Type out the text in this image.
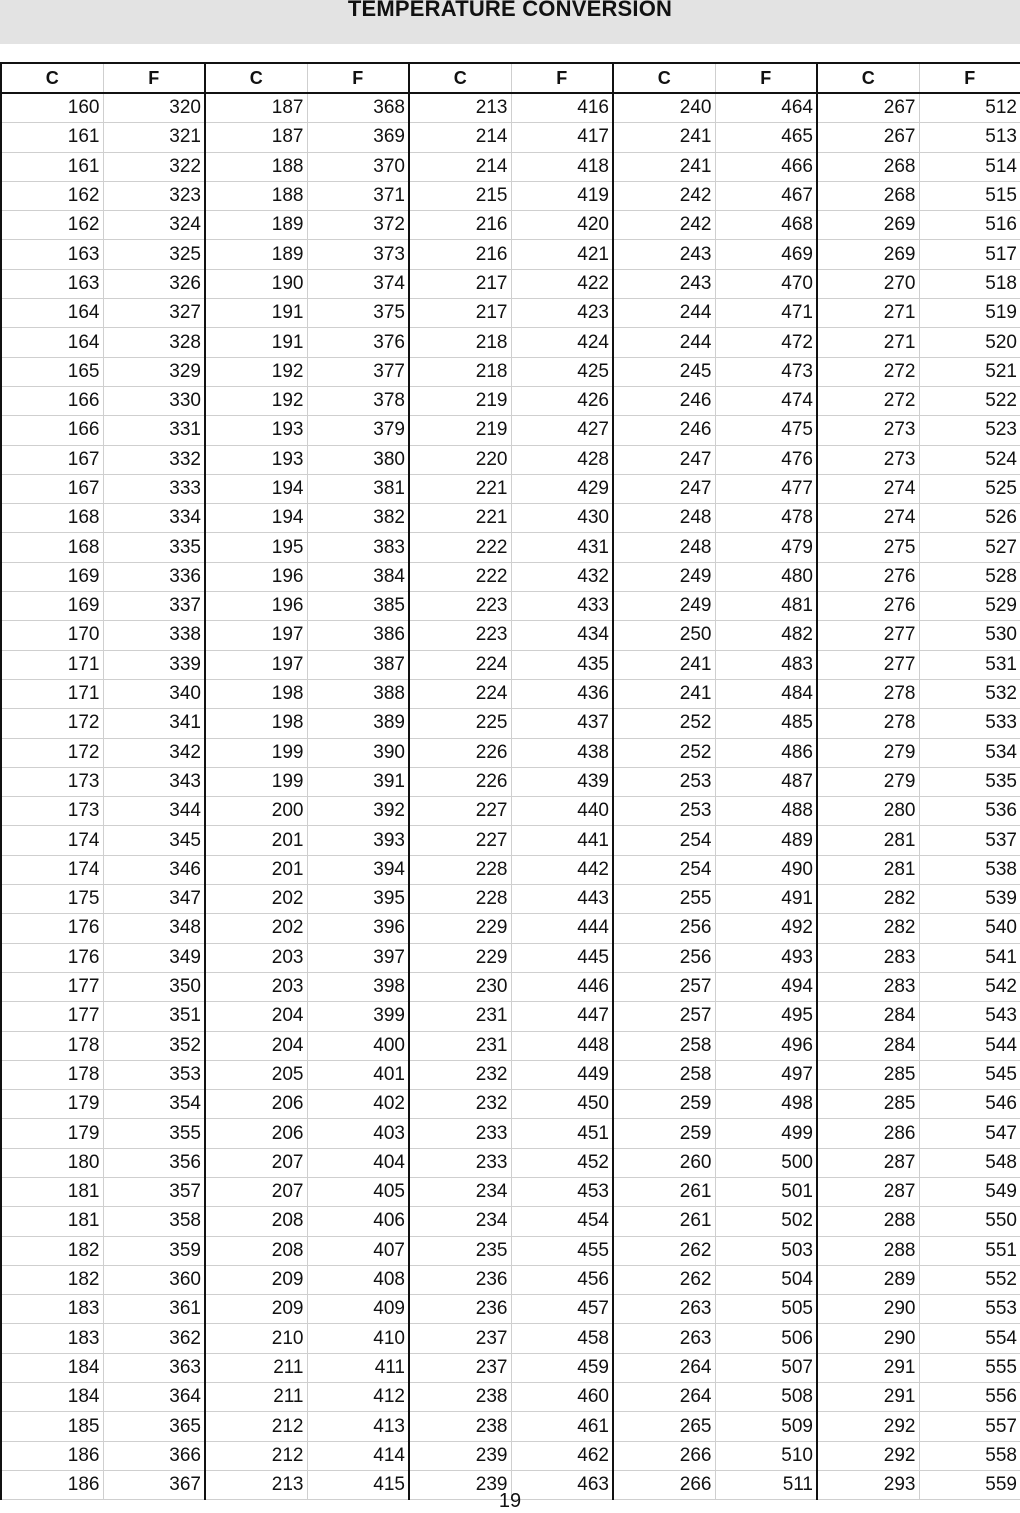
TEMPERATURE CONVERSION
C	F	C	F	C	F	C	F	C	F
160	320	187	368	213	416	240	464	267	512
161	321	187	369	214	417	241	465	267	513
161	322	188	370	214	418	241	466	268	514
162	323	188	371	215	419	242	467	268	515
162	324	189	372	216	420	242	468	269	516
163	325	189	373	216	421	243	469	269	517
163	326	190	374	217	422	243	470	270	518
164	327	191	375	217	423	244	471	271	519
164	328	191	376	218	424	244	472	271	520
165	329	192	377	218	425	245	473	272	521
166	330	192	378	219	426	246	474	272	522
166	331	193	379	219	427	246	475	273	523
167	332	193	380	220	428	247	476	273	524
167	333	194	381	221	429	247	477	274	525
168	334	194	382	221	430	248	478	274	526
168	335	195	383	222	431	248	479	275	527
169	336	196	384	222	432	249	480	276	528
169	337	196	385	223	433	249	481	276	529
170	338	197	386	223	434	250	482	277	530
171	339	197	387	224	435	241	483	277	531
171	340	198	388	224	436	241	484	278	532
172	341	198	389	225	437	252	485	278	533
172	342	199	390	226	438	252	486	279	534
173	343	199	391	226	439	253	487	279	535
173	344	200	392	227	440	253	488	280	536
174	345	201	393	227	441	254	489	281	537
174	346	201	394	228	442	254	490	281	538
175	347	202	395	228	443	255	491	282	539
176	348	202	396	229	444	256	492	282	540
176	349	203	397	229	445	256	493	283	541
177	350	203	398	230	446	257	494	283	542
177	351	204	399	231	447	257	495	284	543
178	352	204	400	231	448	258	496	284	544
178	353	205	401	232	449	258	497	285	545
179	354	206	402	232	450	259	498	285	546
179	355	206	403	233	451	259	499	286	547
180	356	207	404	233	452	260	500	287	548
181	357	207	405	234	453	261	501	287	549
181	358	208	406	234	454	261	502	288	550
182	359	208	407	235	455	262	503	288	551
182	360	209	408	236	456	262	504	289	552
183	361	209	409	236	457	263	505	290	553
183	362	210	410	237	458	263	506	290	554
184	363	211	411	237	459	264	507	291	555
184	364	211	412	238	460	264	508	291	556
185	365	212	413	238	461	265	509	292	557
186	366	212	414	239	462	266	510	292	558
186	367	213	415	239	463	266	511	293	559
19
